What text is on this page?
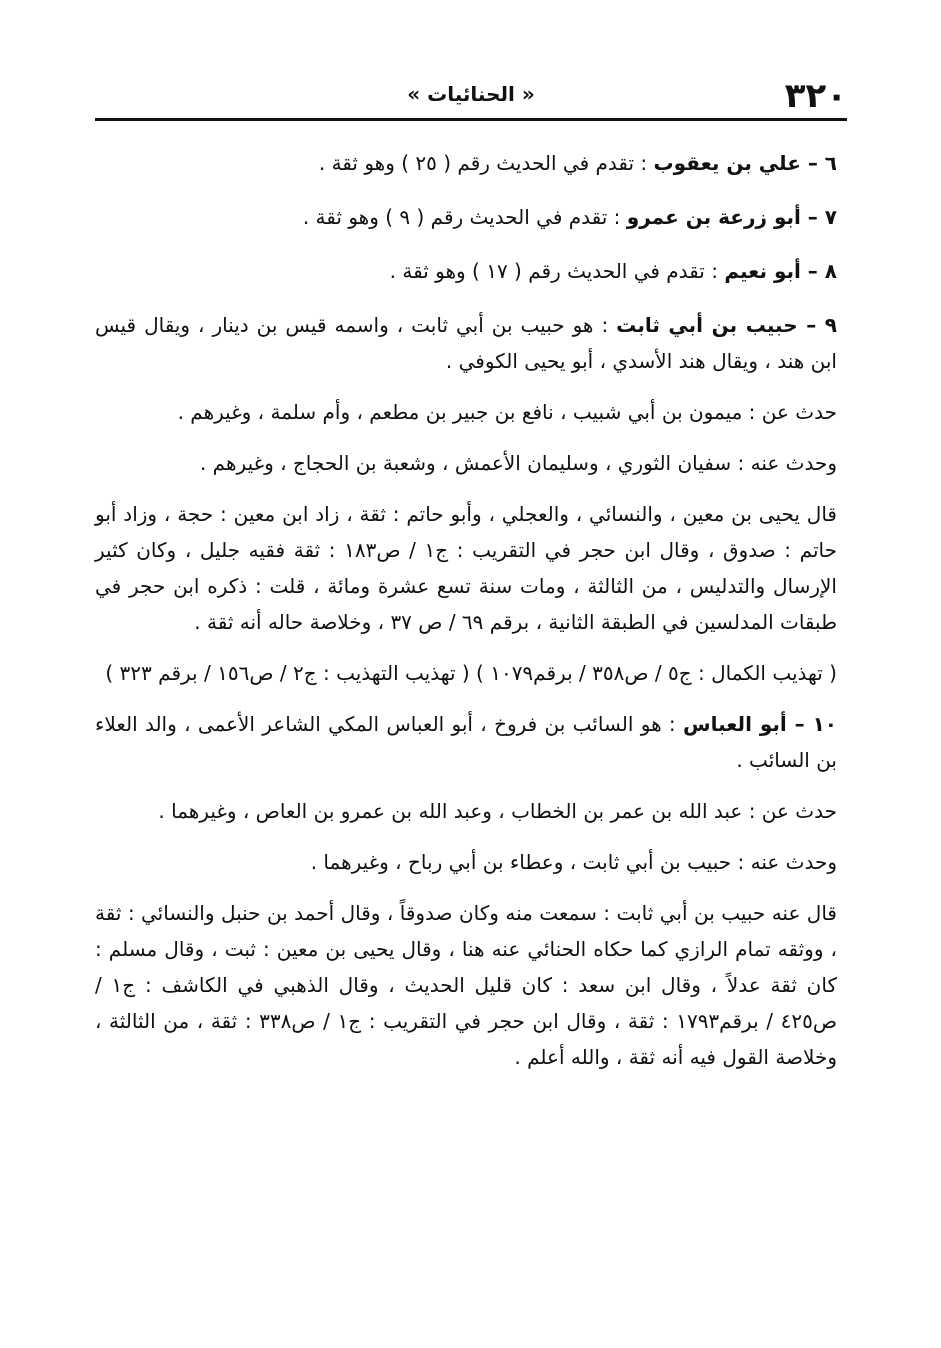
٣٢٠
« الحنائيات »

٦ – علي بن يعقوب : تقدم في الحديث رقم ( ٢٥ ) وهو ثقة .

٧ – أبو زرعة بن عمرو : تقدم في الحديث رقم ( ٩ ) وهو ثقة .

٨ – أبو نعيم : تقدم في الحديث رقم ( ١٧ ) وهو ثقة .

٩ – حبيب بن أبي ثابت : هو حبيب بن أبي ثابت ، واسمه قيس بن دينار ، ويقال قيس ابن هند ، ويقال هند الأسدي ، أبو يحيى الكوفي .

حدث عن : ميمون بن أبي شبيب ، نافع بن جبير بن مطعم ، وأم سلمة ، وغيرهم .

وحدث عنه : سفيان الثوري ، وسليمان الأعمش ، وشعبة بن الحجاج ، وغيرهم .

قال يحيى بن معين ، والنسائي ، والعجلي ، وأبو حاتم : ثقة ، زاد ابن معين : حجة ، وزاد أبو حاتم : صدوق ، وقال ابن حجر في التقريب : ج١ / ص١٨٣ : ثقة فقيه جليل ، وكان كثير الإرسال والتدليس ، من الثالثة ، ومات سنة تسع عشرة ومائة ، قلت : ذكره ابن حجر في طبقات المدلسين في الطبقة الثانية ، برقم ٦٩ / ص ٣٧ ، وخلاصة حاله أنه ثقة .

( تهذيب الكمال : ج٥ / ص٣٥٨ / برقم١٠٧٩ ) ( تهذيب التهذيب : ج٢ / ص١٥٦ / برقم ٣٢٣ )

١٠ – أبو العباس : هو السائب بن فروخ ، أبو العباس المكي الشاعر الأعمى ، والد العلاء بن السائب .

حدث عن : عبد الله بن عمر بن الخطاب ، وعبد الله بن عمرو بن العاص ، وغيرهما .

وحدث عنه : حبيب بن أبي ثابت ، وعطاء بن أبي رباح ، وغيرهما .

قال عنه حبيب بن أبي ثابت : سمعت منه وكان صدوقاً ، وقال أحمد بن حنبل والنسائي : ثقة ، ووثقه تمام الرازي كما حكاه الحنائي عنه هنا ، وقال يحيى بن معين : ثبت ، وقال مسلم : كان ثقة عدلاً ، وقال ابن سعد : كان قليل الحديث ، وقال الذهبي في الكاشف : ج١ / ص٤٢٥ / برقم١٧٩٣ : ثقة ، وقال ابن حجر في التقريب : ج١ / ص٣٣٨ : ثقة ، من الثالثة ، وخلاصة القول فيه أنه ثقة ، والله أعلم .
